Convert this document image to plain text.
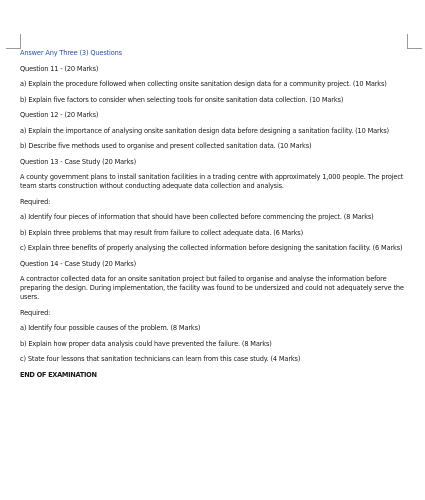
Answer Any Three (3) Questions

Question 11 - (20 Marks)

a) Explain the procedure followed when collecting onsite sanitation design data for a community project. (10 Marks)

b) Explain five factors to consider when selecting tools for onsite sanitation data collection. (10 Marks)

Question 12 - (20 Marks)

a) Explain the importance of analysing onsite sanitation design data before designing a sanitation facility. (10 Marks)

b) Describe five methods used to organise and present collected sanitation data. (10 Marks)

Question 13 - Case Study (20 Marks)

A county government plans to install sanitation facilities in a trading centre with approximately 1,000 people. The project team starts construction without conducting adequate data collection and analysis.

Required:

a) Identify four pieces of information that should have been collected before commencing the project. (8 Marks)

b) Explain three problems that may result from failure to collect adequate data. (6 Marks)

c) Explain three benefits of properly analysing the collected information before designing the sanitation facility. (6 Marks)

Question 14 - Case Study (20 Marks)

A contractor collected data for an onsite sanitation project but failed to organise and analyse the information before preparing the design. During implementation, the facility was found to be undersized and could not adequately serve the users.

Required:

a) Identify four possible causes of the problem. (8 Marks)

b) Explain how proper data analysis could have prevented the failure. (8 Marks)

c) State four lessons that sanitation technicians can learn from this case study. (4 Marks)

END OF EXAMINATION
